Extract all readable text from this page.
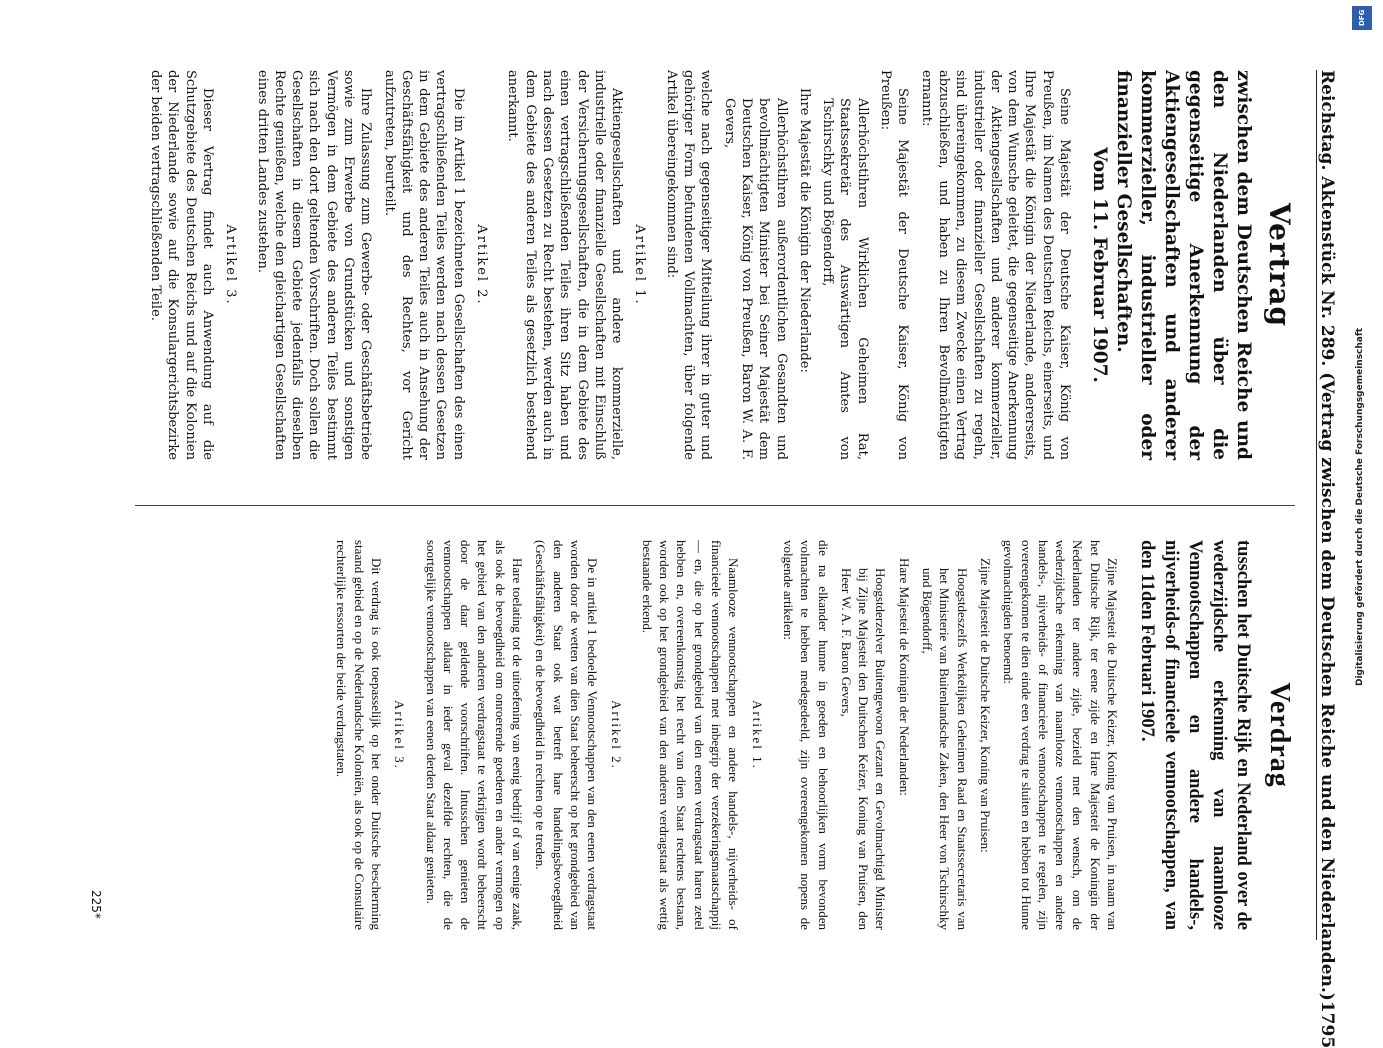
Reichstag. Aktenstück Nr. 289. (Vertrag zwischen dem Deutschen Reiche und den Niederlanden.)
1795
Vertrag

zwischen dem Deutschen Reiche und den Niederlanden über die gegenseitige Anerkennung der Aktiengesellschaften und anderer kommerzieller, industrieller oder finanzieller Gesellschaften.

Vom 11. Februar 1907.

Seine Majestät der Deutsche Kaiser, König von Preußen, im Namen des Deutschen Reichs, einerseits, und Ihre Majestät die Königin der Niederlande, andererseits, von dem Wunsche geleitet, die gegenseitige Anerkennung der Aktiengesellschaften und anderer kommerzieller, industrieller oder finanzieller Gesellschaften zu regeln, sind übereingekommen, zu diesem Zwecke einen Vertrag abzuschließen, und haben zu Ihren Bevollmächtigten ernannt:

Seine Majestät der Deutsche Kaiser, König von Preußen:

Allerhöchstihren Wirklichen Geheimen Rat, Staatssekretär des Auswärtigen Amtes von Tschirschky und Bögendorff,

Ihre Majestät die Königin der Niederlande:

Allerhöchstihren außerordentlichen Gesandten und bevollmächtigten Minister bei Seiner Majestät dem Deutschen Kaiser, König von Preußen, Baron W. A. F. Gevers,

welche nach gegenseitiger Mitteilung ihrer in guter und gehöriger Form befundenen Vollmachten, über folgende Artikel übereingekommen sind:

Artikel 1.

Aktiengesellschaften und andere kommerzielle, industrielle oder finanzielle Gesellschaften mit Einschluß der Versicherungsgesellschaften, die in dem Gebiete des einen vertragschließenden Teiles ihren Sitz haben und nach dessen Gesetzen zu Recht bestehen, werden auch in dem Gebiete des anderen Teiles als gesetzlich bestehend anerkannt.

Artikel 2.

Die im Artikel 1 bezeichneten Gesellschaften des einen vertragschließenden Teiles werden nach dessen Gesetzen in dem Gebiete des anderen Teiles auch in Ansehung der Geschäftsfähigkeit und des Rechtes, vor Gericht aufzutreten, beurteilt.

Ihre Zulassung zum Gewerbe- oder Geschäftsbetriebe sowie zum Erwerbe von Grundstücken und sonstigen Vermögen in dem Gebiete des anderen Teiles bestimmt sich nach den dort geltenden Vorschriften. Doch sollen die Gesellschaften in diesem Gebiete jedenfalls dieselben Rechte genießen, welche den gleichartigen Gesellschaften eines dritten Landes zustehen.

Artikel 3.

Dieser Vertrag findet auch Anwendung auf die Schutzgebiete des Deutschen Reichs und auf die Kolonien der Niederlande sowie auf die Konsulargerichtsbezirke der beiden vertragschließenden Teile.

Verdrag

tusschen het Duitsche Rijk en Nederland over de wederzijdsche erkenning van naamlooze Vennootschappen en andere handels-, nijverheids-of financieele vennootschappen, van den 11den Februari 1907.

Zijne Majesteit de Duitsche Keizer, Koning van Pruisen, in naam van het Duitsche Rijk, ter eene zijde en Hare Majesteit de Koningin der Nederlanden ter andere zijde, bezield met den wensch, om de wederzijdsche erkenning van naamlooze vennootschappen en andere handels-, nijverheids- of financieele vennootschappen te regelen, zijn overeengekomen te dien einde een verdrag te sluiten en hebben tot Hunne gevolmachtigden benoemd:

Zijne Majesteit de Duitsche Keizer, Koning van Pruisen:

Hoogstdeszelfs Werkelijken Geheimen Raad en Staatssecretaris van het Ministerie van Buitenlandsche Zaken, den Heer von Tschirschky und Bögendorff,

Hare Majesteit de Koningin der Nederlanden:

Hoogstderzelver Buitengewoon Gezant en Gevolmachtigd Minister bij Zijne Majesteit den Duitschen Keizer, Koning van Pruisen, den Heer W. A. F. Baron Gevers,

die na elkander hunne in goeden en behoorlijken vorm bevonden volmachten te hebben medegedeeld, zijn overeengekomen nopens de volgende artikelen:

Artikel 1.

Naamlooze vennootschappen en andere handels-, nijverheids- of financieele vennootschappen met inbegrip der verzekeringsmaatschappij — en, die op het grondgebied van den eenen verdragstaat haren zetel hebben en, overeenkomstig het recht van dien Staat rechtens bestaan, worden ook op het grondgebied van den anderen verdragstaat als wettig bestaande erkend.

Artikel 2.

De in artikel 1 bedoelde Vennootschappen van den eenen verdragstaat worden door de wetten van dien Staat beheerscht op het grondgebied van den anderen Staat ook wat betreft hare handelingsbevoegdheid (Geschäftsfähigkeit) en de bevoegdheid in rechten op te treden.

Hare toelating tot de uitoefening van eenig bedrijf of van eenige zaak, als ook de bevoegdheid om onroerende goederen en ander vermogen op het gebied van den anderen verdragstaat te verkrijgen wordt beheerscht door de daar geldende voorschriften. Intusschen genieten de vennootschappen aldaar in ieder geval dezelfde rechten, die de soortgelijke vennootschappen van eenen derden Staat aldaar genieten.

Artikel 3.

Dit verdrag is ook toepasselijk op het onder Duitsche bescherming staand gebied en op de Nederlandsche Koloniën, als ook op de Consulaire rechterlijke ressorten der beide verdragstaten.

225*
DFG
Digitalisierung gefördert durch die Deutsche Forschungsgemeinschaft
